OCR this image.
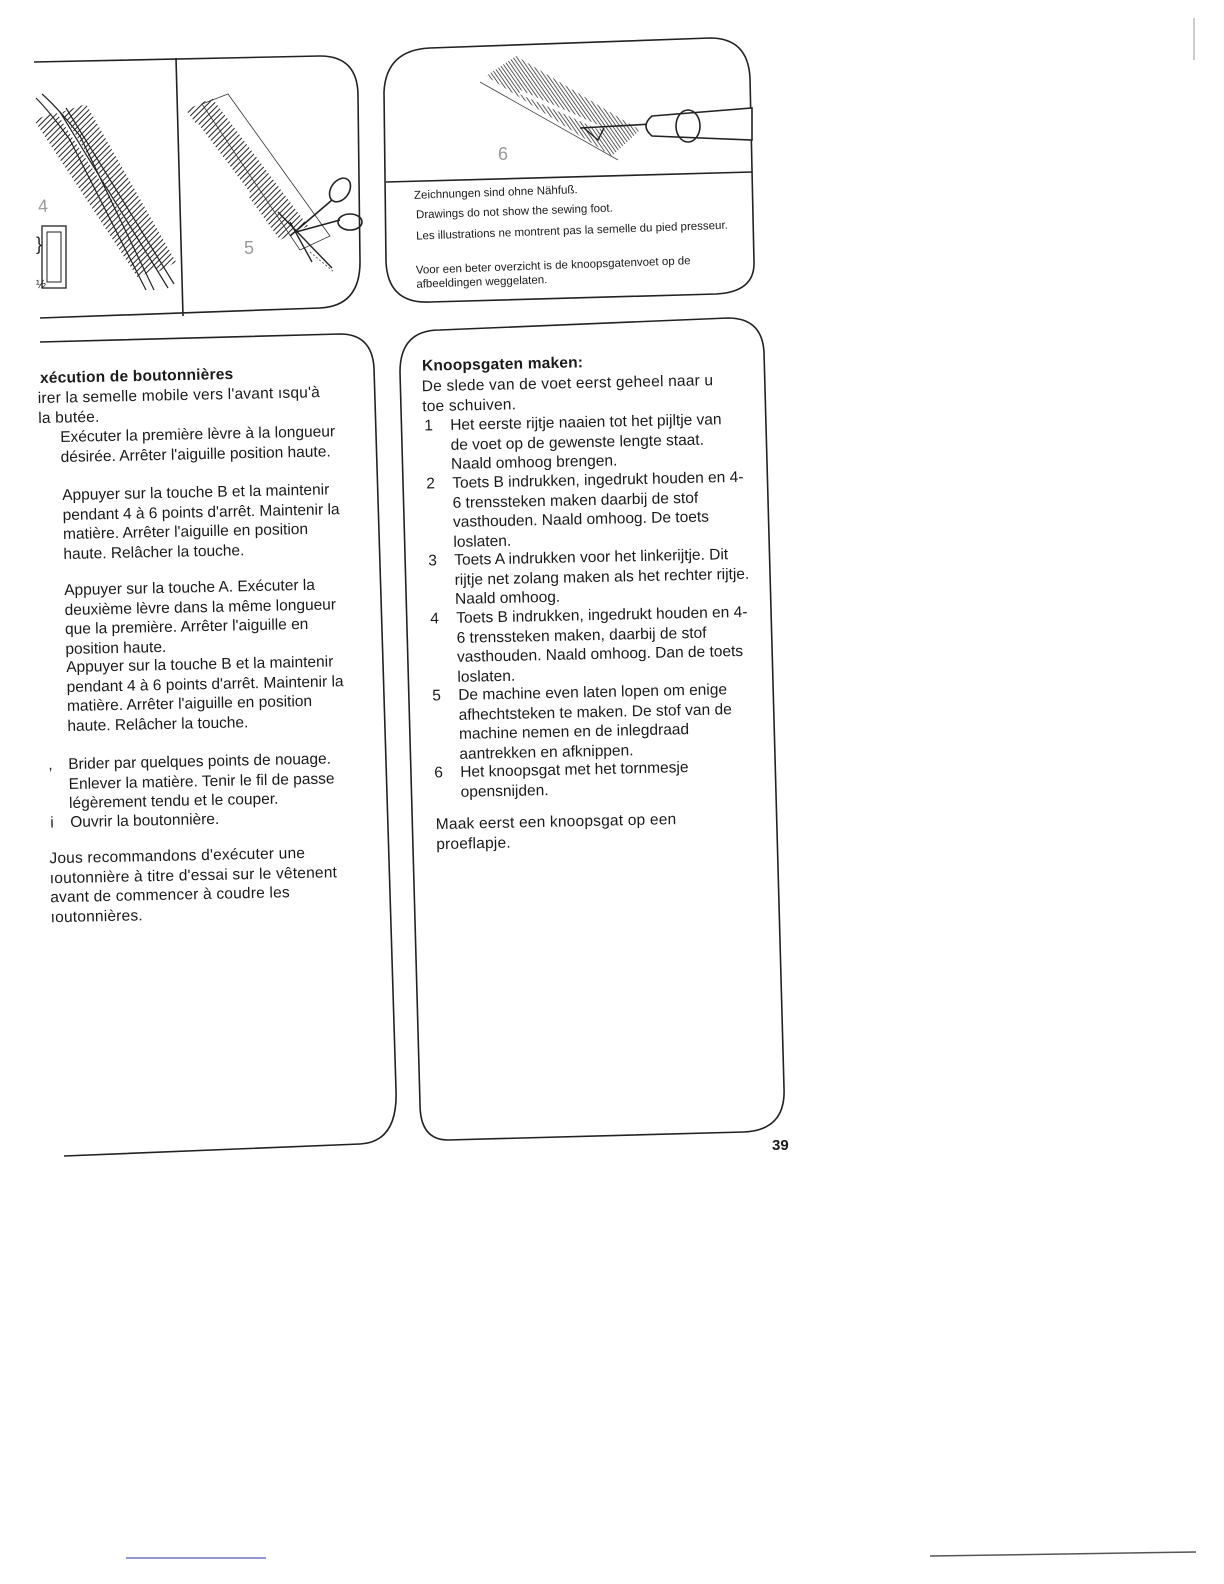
}
½
4
5
6
Zeichnungen sind ohne Nähfuß.
Drawings do not show the sewing foot.
Les illustrations ne montrent pas la semelle du pied presseur.
Voor een beter overzicht is de knoopsgatenvoet op de afbeeldingen weggelaten.
xécution de boutonnières
irer la semelle mobile vers l'avant ısqu'à la butée.
Exécuter la première lèvre à la longueur désirée. Arrêter l'aiguille position haute.
Appuyer sur la touche B et la maintenir pendant 4 à 6 points d'arrêt. Maintenir la matière. Arrêter l'aiguille en position haute. Relâcher la touche.
Appuyer sur la touche A. Exécuter la deuxième lèvre dans la même longueur que la première. Arrêter l'aiguille en position haute.
Appuyer sur la touche B et la maintenir pendant 4 à 6 points d'arrêt. Maintenir la matière. Arrêter l'aiguille en position haute. Relâcher la touche.
, Brider par quelques points de nouage. Enlever la matière. Tenir le fil de passe légèrement tendu et le couper.
i Ouvrir la boutonnière.
Jous recommandons d'exécuter une ıoutonnière à titre d'essai sur le vêtenent avant de commencer à coudre les ıoutonnières.
Knoopsgaten maken:
De slede van de voet eerst geheel naar u toe schuiven.
1 Het eerste rijtje naaien tot het pijltje van de voet op de gewenste lengte staat. Naald omhoog brengen.
2 Toets B indrukken, ingedrukt houden en 4-6 trenssteken maken daarbij de stof vasthouden. Naald omhoog. De toets loslaten.
3 Toets A indrukken voor het linkerijtje. Dit rijtje net zolang maken als het rechter rijtje. Naald omhoog.
4 Toets B indrukken, ingedrukt houden en 4-6 trenssteken maken, daarbij de stof vasthouden. Naald omhoog. Dan de toets loslaten.
5 De machine even laten lopen om enige afhechtsteken te maken. De stof van de machine nemen en de inlegdraad aantrekken en afknippen.
6 Het knoopsgat met het tornmesje opensnijden.
Maak eerst een knoopsgat op een proeflapje.
39
